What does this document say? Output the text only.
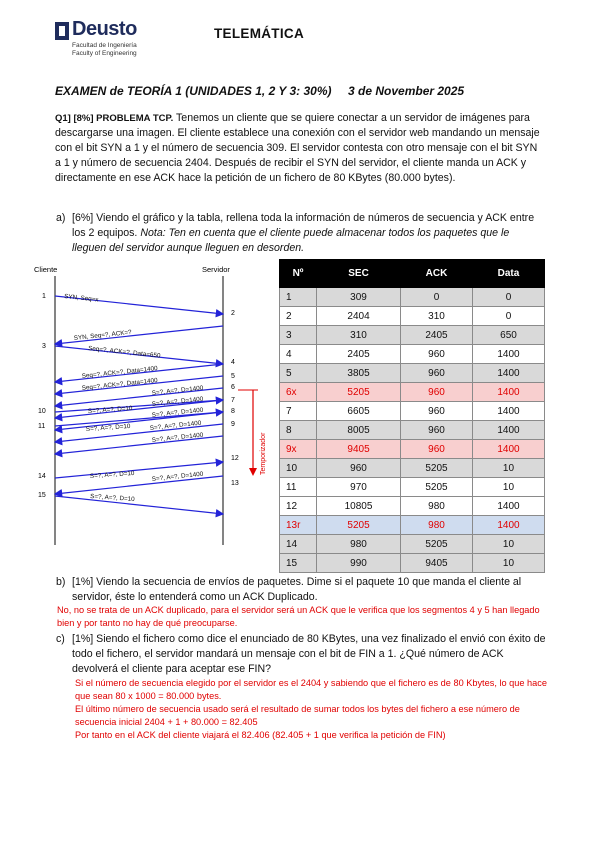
Deusto
Facultad de Ingeniería
Faculty of Engineering
TELEMÁTICA
EXAMEN de TEORÍA 1 (UNIDADES 1, 2 Y 3: 30%) 3 de November 2025
Q1] [8%] PROBLEMA TCP. Tenemos un cliente que se quiere conectar a un servidor de imágenes para descargarse una imagen. El cliente establece una conexión con el servidor web mandando un mensaje con el bit SYN a 1 y el número de secuencia 309. El servidor contesta con otro mensaje con el bit SYN a 1 y número de secuencia 2404. Después de recibir el SYN del servidor, el cliente manda un ACK y directamente en ese ACK hace la petición de un fichero de 80 KBytes (80.000 bytes).
a) [6%] Viendo el gráfico y la tabla, rellena toda la información de números de secuencia y ACK entre los 2 equipos. Nota: Ten en cuenta que el cliente puede almacenar todos los paquetes que le lleguen del servidor aunque lleguen en desorden.
Cliente	Servidor
1
3
10
11
14
15
2
4
5
6
7
8
9
12
13
SYN, Seq=x
SYN, Seq=?, ACK=?
Seq=?, ACK=?, Data=650
Seq=?, ACK=?, Data=1400
Seq=?, ACK=?, Data=1400
S=?, A=?, D=1400
S=?, A=?, D=1400
S=?, A=?, D=10	S=?, A=?, D=1400
S=?, A=?, D=10	S=?, A=?, D=1400
S=?, A=?, D=1400
S=?, A=?, D=10	S=?, A=?, D=1400
S=?, A=?, D=10
Temporizador
Nº	SEC	ACK	Data
1	309	0	0
2	2404	310	0
3	310	2405	650
4	2405	960	1400
5	3805	960	1400
6x	5205	960	1400
7	6605	960	1400
8	8005	960	1400
9x	9405	960	1400
10	960	5205	10
11	970	5205	10
12	10805	980	1400
13r	5205	980	1400
14	980	5205	10
15	990	9405	10
b) [1%] Viendo la secuencia de envíos de paquetes. Dime si el paquete 10 que manda el cliente al servidor, éste lo entenderá como un ACK Duplicado.
No, no se trata de un ACK duplicado, para el servidor será un ACK que le verifica que los segmentos 4 y 5 han llegado bien y por tanto no hay de qué preocuparse.
c) [1%] Siendo el fichero como dice el enunciado de 80 KBytes, una vez finalizado el envió con éxito de todo el fichero, el servidor mandará un mensaje con el bit de FIN a 1. ¿Qué número de ACK devolverá el cliente para aceptar ese FIN?
Si el número de secuencia elegido por el servidor es el 2404 y sabiendo que el fichero es de 80 Kbytes, lo que hace que sean 80 x 1000 = 80.000 bytes.
El último número de secuencia usado será el resultado de sumar todos los bytes del fichero a ese número de secuencia inicial 2404 + 1 + 80.000 = 82.405
Por tanto en el ACK del cliente viajará el 82.406 (82.405 + 1 que verifica la petición de FIN)
